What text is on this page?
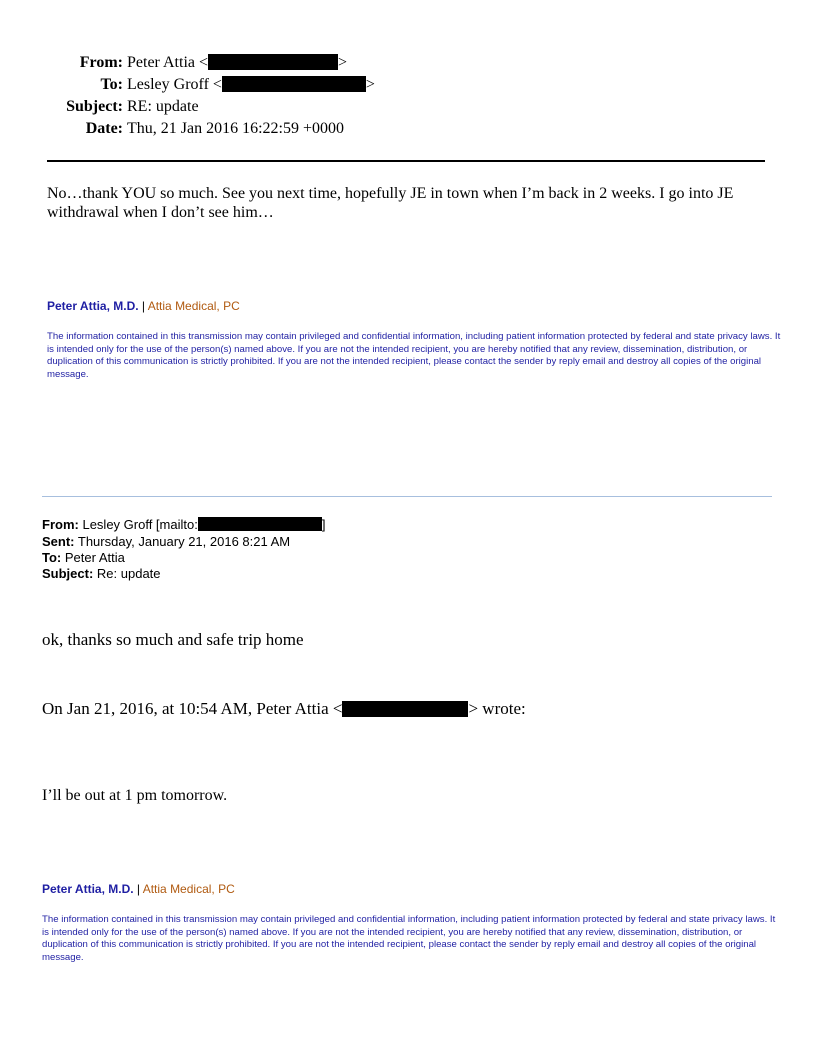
From: Peter Attia <	>
To: Lesley Groff <	>
Subject: RE: update
Date: Thu, 21 Jan 2016 16:22:59 +0000
No…thank YOU so much. See you next time, hopefully JE in town when I’m back in 2 weeks. I go into JE withdrawal when I don’t see him…
Peter Attia, M.D. | Attia Medical, PC
The information contained in this transmission may contain privileged and confidential information, including patient information protected by federal and state privacy laws. It is intended only for the use of the person(s) named above. If you are not the intended recipient, you are hereby notified that any review, dissemination, distribution, or duplication of this communication is strictly prohibited. If you are not the intended recipient, please contact the sender by reply email and destroy all copies of the original message.
From: Lesley Groff [mailto:	]
Sent: Thursday, January 21, 2016 8:21 AM
To: Peter Attia
Subject: Re: update
ok, thanks so much and safe trip home
On Jan 21, 2016, at 10:54 AM, Peter Attia <	> wrote:
I’ll be out at 1 pm tomorrow.
Peter Attia, M.D. | Attia Medical, PC
The information contained in this transmission may contain privileged and confidential information, including patient information protected by federal and state privacy laws. It is intended only for the use of the person(s) named above. If you are not the intended recipient, you are hereby notified that any review, dissemination, distribution, or duplication of this communication is strictly prohibited. If you are not the intended recipient, please contact the sender by reply email and destroy all copies of the original message.
